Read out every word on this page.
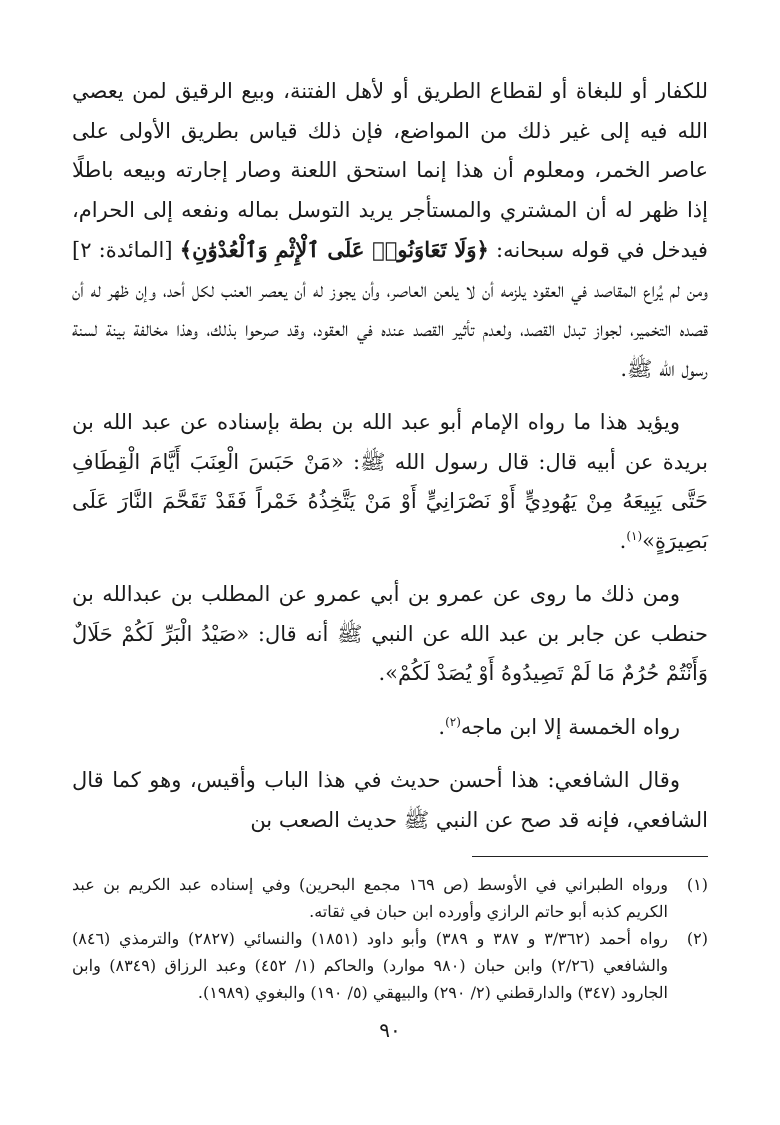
للكفار أو للبغاة أو لقطاع الطريق أو لأهل الفتنة، وبيع الرقيق لمن يعصي الله فيه إلى غير ذلك من المواضع، فإن ذلك قياس بطريق الأولى على عاصر الخمر، ومعلوم أن هذا إنما استحق اللعنة وصار إجارته وبيعه باطلًا إذا ظهر له أن المشتري والمستأجر يريد التوسل بماله ونفعه إلى الحرام، فيدخل في قوله سبحانه: ﴿وَلَا تَعَاوَنُوا۟ عَلَى ٱلْإِثْمِ وَٱلْعُدْوَٰنِ﴾ [المائدة: ٢] ومن لم يُراع المقاصد في العقود يلزمه أن لا يلعن العاصر، وأن يجوز له أن يعصر العنب لكل أحد، وإن ظهر له أن قصده التخمير، لجواز تبدل القصد، ولعدم تأثير القصد عنده في العقود، وقد صرحوا بذلك، وهذا مخالفة بينة لسنة رسول الله ﷺ.

ويؤيد هذا ما رواه الإمام أبو عبد الله بن بطة بإسناده عن عبد الله بن بريدة عن أبيه قال: قال رسول الله ﷺ: «مَنْ حَبَسَ الْعِنَبَ أَيَّامَ الْقِطَافِ حَتَّى يَبِيعَهُ مِنْ يَهُودِيٍّ أَوْ نَصْرَانِيٍّ أَوْ مَنْ يَتَّخِذُهُ خَمْراً فَقَدْ تَقَحَّمَ النَّارَ عَلَى بَصِيرَةٍ»$^{(١)}$.

ومن ذلك ما روى عن عمرو بن أبي عمرو عن المطلب بن عبدالله بن حنطب عن جابر بن عبد الله عن النبي ﷺ أنه قال: «صَيْدُ الْبَرِّ لَكُمْ حَلَالٌ وَأَنْتُمْ حُرُمٌ مَا لَمْ تَصِيدُوهُ أَوْ يُصَدْ لَكُمْ».

رواه الخمسة إلا ابن ماجه$^{(٢)}$.

وقال الشافعي: هذا أحسن حديث في هذا الباب وأقيس، وهو كما قال الشافعي، فإنه قد صح عن النبي ﷺ حديث الصعب بن

(١)
ورواه الطبراني في الأوسط (ص ١٦٩ مجمع البحرين) وفي إسناده عبد الكريم بن عبد الكريم كذبه أبو حاتم الرازي وأورده ابن حبان في ثقاته.
(٢)
رواه أحمد (٣/٣٦٢ و ٣٨٧ و ٣٨٩) وأبو داود (١٨٥١) والنسائي (٢٨٢٧) والترمذي (٨٤٦) والشافعي (٢/٢٦) وابن حبان (٩٨٠ موارد) والحاكم (١/ ٤٥٢) وعبد الرزاق (٨٣٤٩) وابن الجارود (٣٤٧) والدارقطني (٢/ ٢٩٠) والبيهقي (٥/ ١٩٠) والبغوي (١٩٨٩).
٩٠
